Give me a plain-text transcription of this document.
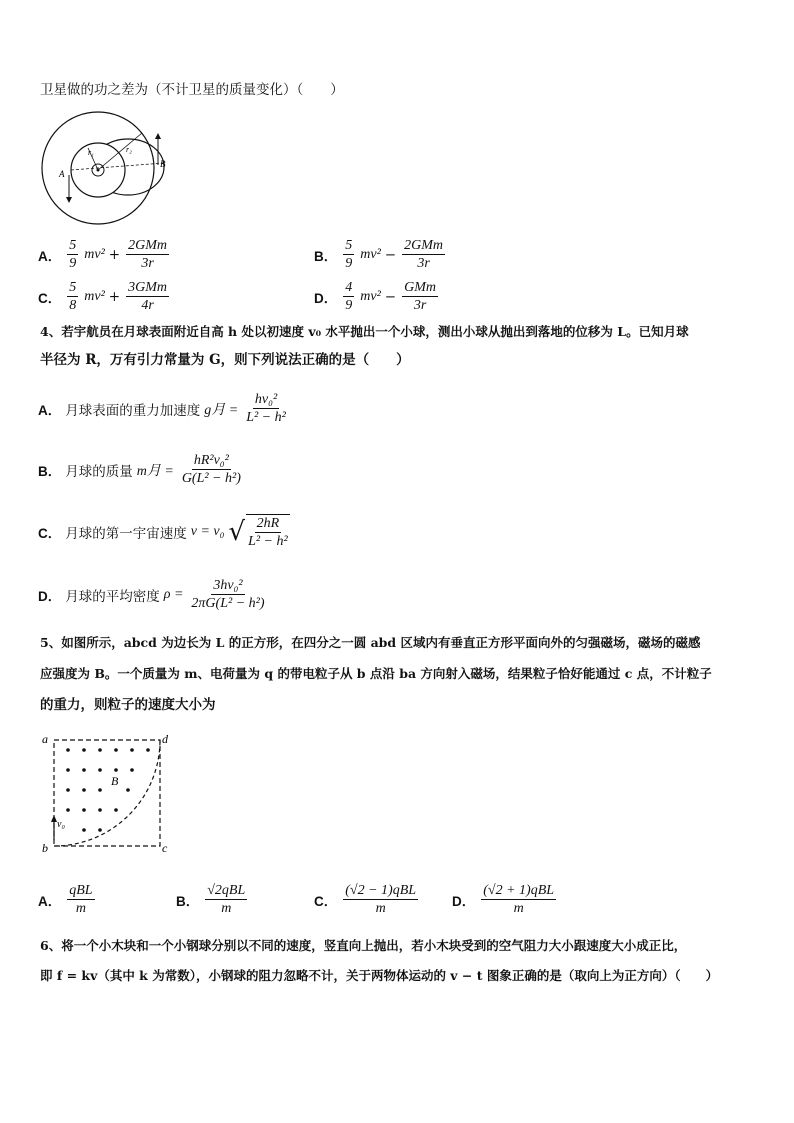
卫星做的功之差为（不计卫星的质量变化）（　　）
A
B
r₁	r₂
A． $\frac{5}{9} mv^2 + \frac{\text{2GMm}}{3r}$	B． $\frac{5}{9} mv^2 - \frac{\text{2GMm}}{3r}$
C． $\frac{5}{8} mv^2 + \frac{\text{3GMm}}{4r}$	D． $\frac{4}{9} mv^2 - \frac{\text{GMm}}{3r}$
4、若宇航员在月球表面附近自高 h 处以初速度 v₀ 水平抛出一个小球，测出小球从抛出到落地的位移为 L。已知月球
半径为 R，万有引力常量为 G，则下列说法正确的是（　　）
A． 月球表面的重力加速度 g月 = $\frac{\text{hv₀²}}{\text{L² − h²}}$
B． 月球的质量 m月 = $\frac{\text{hR²v₀²}}{\text{G(L² − h²)}}$
C． 月球的第一宇宙速度 v = v₀ √ $\frac{2hR}{\text{L² − h²}}$
D． 月球的平均密度 $\rho = \frac{\text{3hv₀²}}{\text{2πG(L² − h²)}}$
5、如图所示，abcd 为边长为 L 的正方形，在四分之一圆 abd 区域内有垂直正方形平面向外的匀强磁场，磁场的磁感
应强度为 B。一个质量为 m、电荷量为 q 的带电粒子从 b 点沿 ba 方向射入磁场，结果粒子恰好能通过 c 点，不计粒子
的重力，则粒子的速度大小为
a	d
b	c
B
v₀
A． $\frac{\text{qBL}}{m}$	B． $\frac{\text{√2qBL}}{m}$	C． $\frac{\text{(√2 − 1)qBL}}{m}$	D． $\frac{\text{(√2 + 1)qBL}}{m}$
6、将一个小木块和一个小钢球分别以不同的速度，竖直向上抛出，若小木块受到的空气阻力大小跟速度大小成正比，
即 f = kv（其中 k 为常数），小钢球的阻力忽略不计，关于两物体运动的 v − t 图象正确的是（取向上为正方向）（　　）
